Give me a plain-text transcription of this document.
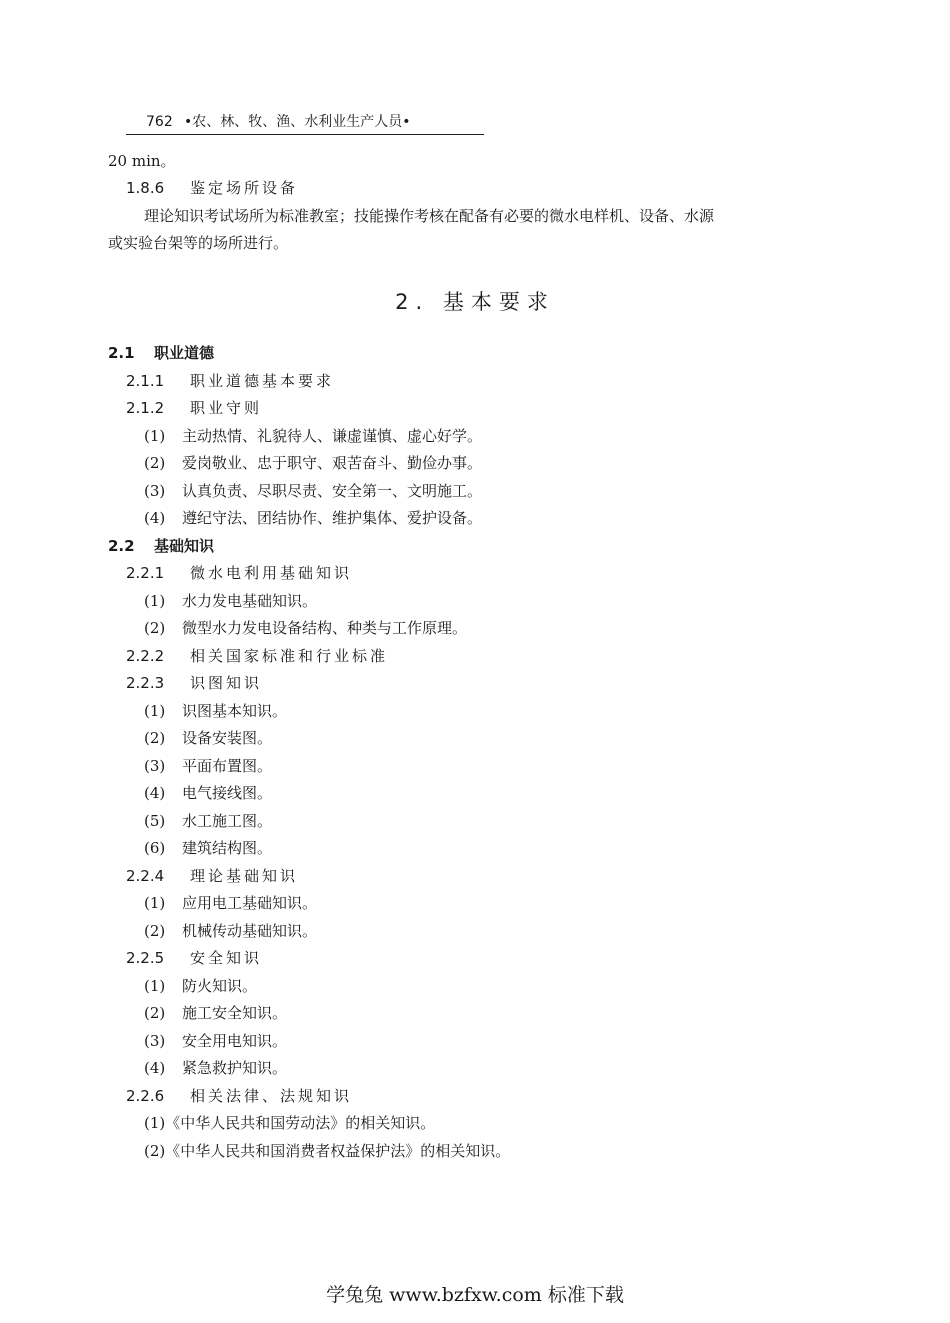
762 •农、林、牧、渔、水利业生产人员•
20 min。
1.8.6 鉴定场所设备
理论知识考试场所为标准教室；技能操作考核在配备有必要的微水电样机、设备、水源
或实验台架等的场所进行。
2. 基本要求
2.1 职业道德
2.1.1 职业道德基本要求
2.1.2 职业守则
(1) 主动热情、礼貌待人、谦虚谨慎、虚心好学。
(2) 爱岗敬业、忠于职守、艰苦奋斗、勤俭办事。
(3) 认真负责、尽职尽责、安全第一、文明施工。
(4) 遵纪守法、团结协作、维护集体、爱护设备。
2.2 基础知识
2.2.1 微水电利用基础知识
(1) 水力发电基础知识。
(2) 微型水力发电设备结构、种类与工作原理。
2.2.2 相关国家标准和行业标准
2.2.3 识图知识
(1) 识图基本知识。
(2) 设备安装图。
(3) 平面布置图。
(4) 电气接线图。
(5) 水工施工图。
(6) 建筑结构图。
2.2.4 理论基础知识
(1) 应用电工基础知识。
(2) 机械传动基础知识。
2.2.5 安全知识
(1) 防火知识。
(2) 施工安全知识。
(3) 安全用电知识。
(4) 紧急救护知识。
2.2.6 相关法律、法规知识
(1)《中华人民共和国劳动法》的相关知识。
(2)《中华人民共和国消费者权益保护法》的相关知识。
学兔兔 www.bzfxw.com 标准下载
